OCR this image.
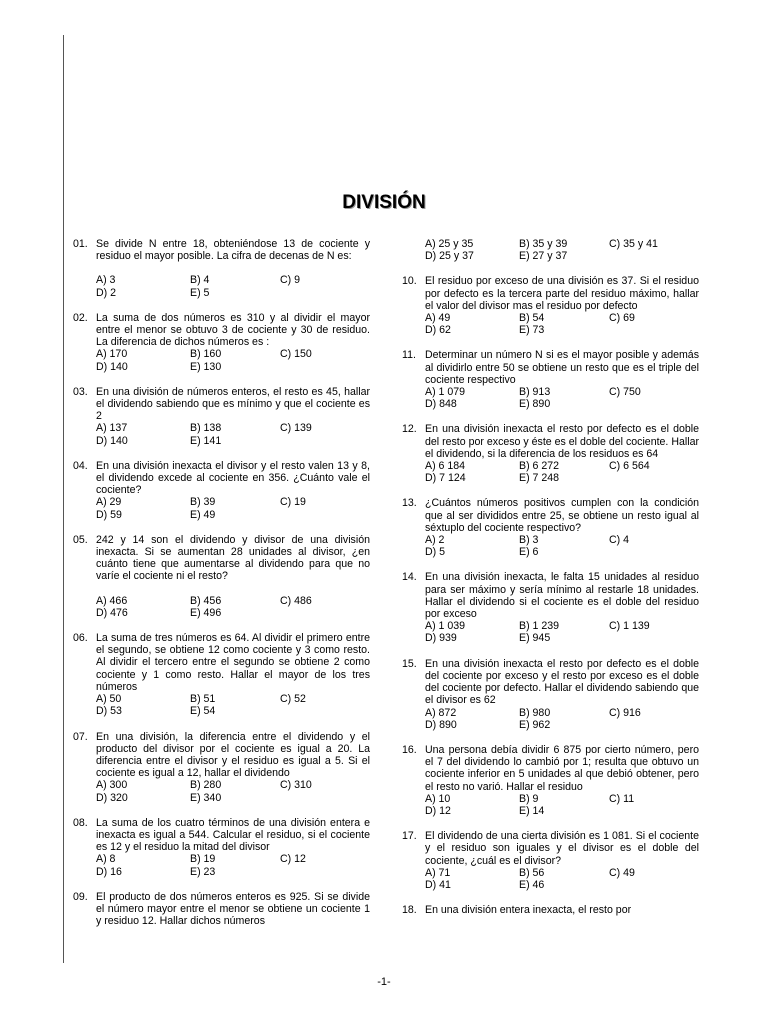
DIVISIÓN
01. Se divide N entre 18, obteniéndose 13 de cociente y residuo el mayor posible. La cifra de decenas de N es:
A) 3	B) 4	C) 9
D) 2	E) 5
02. La suma de dos números es 310 y al dividir el mayor entre el menor se obtuvo 3 de cociente y 30 de residuo. La diferencia de dichos números es :
A) 170	B) 160	C) 150
D) 140	E) 130
03. En una división de números enteros, el resto es 45, hallar el dividendo sabiendo que es mínimo y que el cociente es 2
A) 137	B) 138	C) 139
D) 140	E) 141
04. En una división inexacta el divisor y el resto valen 13 y 8, el dividendo excede al cociente en 356. ¿Cuánto vale el cociente?
A) 29	B) 39	C) 19
D) 59	E) 49
05. 242 y 14 son el dividendo y divisor de una división inexacta. Si se aumentan 28 unidades al divisor, ¿en cuánto tiene que aumentarse al dividendo para que no varíe el cociente ni el resto?
A) 466	B) 456	C) 486
D) 476	E) 496
06. La suma de tres números es 64. Al dividir el primero entre el segundo, se obtiene 12 como cociente y 3 como resto. Al dividir el tercero entre el segundo se obtiene 2 como cociente y 1 como resto. Hallar el mayor de los tres números
A) 50	B) 51	C) 52
D) 53	E) 54
07. En una división, la diferencia entre el dividendo y el producto del divisor por el cociente es igual a 20. La diferencia entre el divisor y el residuo es igual a 5. Si el cociente es igual a 12, hallar el dividendo
A) 300	B) 280	C) 310
D) 320	E) 340
08. La suma de los cuatro términos de una división entera e inexacta es igual a 544. Calcular el residuo, si el cociente es 12 y el residuo la mitad del divisor
A) 8	B) 19	C) 12
D) 16	E) 23
09. El producto de dos números enteros es 925. Si se divide el número mayor entre el menor se obtiene un cociente 1 y residuo 12. Hallar dichos números
A) 25 y 35	B) 35 y 39	C) 35 y 41
D) 25 y 37	E) 27 y 37
10. El residuo por exceso de una división es 37. Si el residuo por defecto es la tercera parte del residuo máximo, hallar el valor del divisor mas el residuo por defecto
A) 49	B) 54	C) 69
D) 62	E) 73
11. Determinar un número N si es el mayor posible y además al dividirlo entre 50 se obtiene un resto que es el triple del cociente respectivo
A) 1 079	B) 913	C) 750
D) 848	E) 890
12. En una división inexacta el resto por defecto es el doble del resto por exceso y éste es el doble del cociente. Hallar el dividendo, si la diferencia de los residuos es 64
A) 6 184	B) 6 272	C) 6 564
D) 7 124	E) 7 248
13. ¿Cuántos números positivos cumplen con la condición que al ser divididos entre 25, se obtiene un resto igual al séxtuplo del cociente respectivo?
A) 2	B) 3	C) 4
D) 5	E) 6
14. En una división inexacta, le falta 15 unidades al residuo para ser máximo y sería mínimo al restarle 18 unidades. Hallar el dividendo si el cociente es el doble del residuo por exceso
A) 1 039	B) 1 239	C) 1 139
D) 939	E) 945
15. En una división inexacta el resto por defecto es el doble del cociente por exceso y el resto por exceso es el doble del cociente por defecto. Hallar el dividendo sabiendo que el divisor es 62
A) 872	B) 980	C) 916
D) 890	E) 962
16. Una persona debía dividir 6 875 por cierto número, pero el 7 del dividendo lo cambió por 1; resulta que obtuvo un cociente inferior en 5 unidades al que debió obtener, pero el resto no varió. Hallar el residuo
A) 10	B) 9	C) 11
D) 12	E) 14
17. El dividendo de una cierta división es 1 081. Si el cociente y el residuo son iguales y el divisor es el doble del cociente, ¿cuál es el divisor?
A) 71	B) 56	C) 49
D) 41	E) 46
18. En una división entera inexacta, el resto por
-1-
